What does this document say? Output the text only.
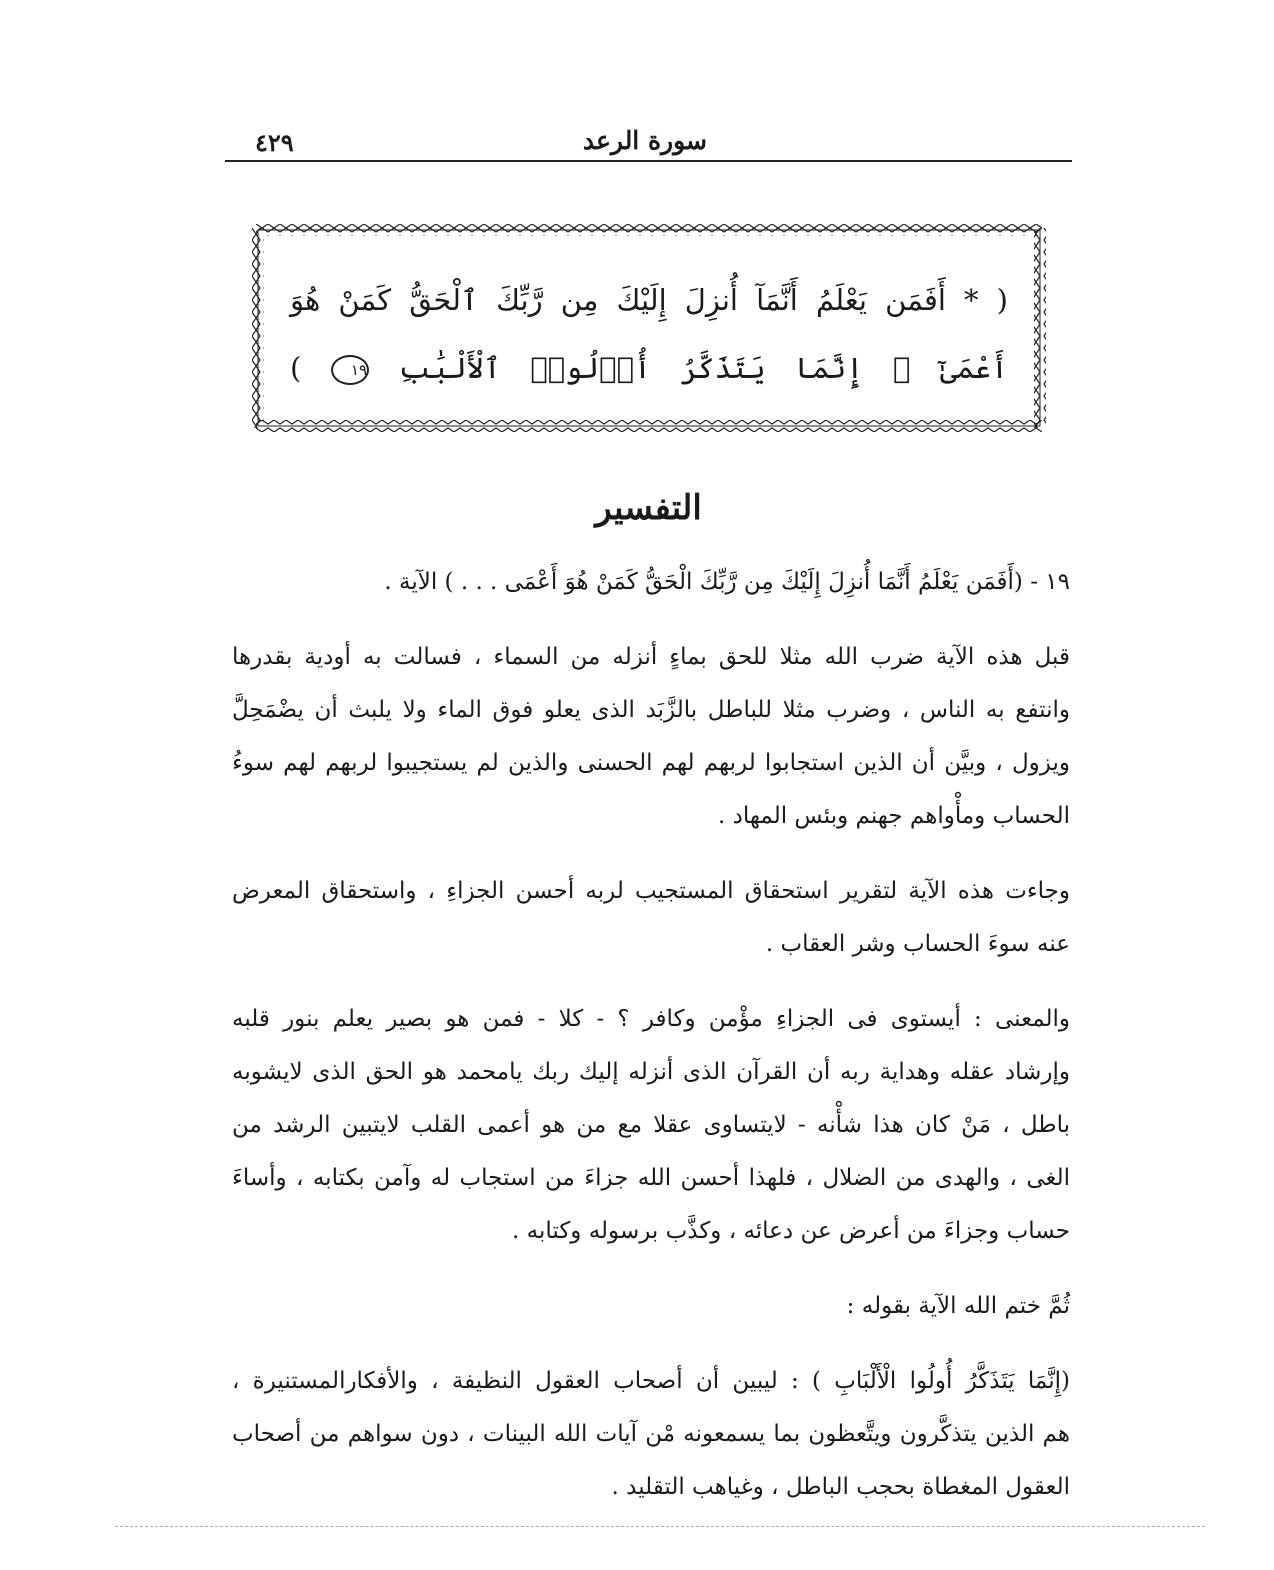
سورة الرعد
٤٢٩
( * أَفَمَن يَعْلَمُ أَنَّمَآ أُنزِلَ إِلَيْكَ مِن رَّبِّكَ ٱلْحَقُّ كَمَنْ هُوَ
أَعْمَىٰٓ ۚ إِنَّمَا يَتَذَكَّرُ أُو۟لُوا۟ ٱلْأَلْبَٰبِ ١٩ )
التفسير

١٩ - (أَفَمَن يَعْلَمُ أَنَّمَا أُنزِلَ إِلَيْكَ مِن رَّبِّكَ الْحَقُّ كَمَنْ هُوَ أَعْمَى . . . ) الآية .

قبل هذه الآية ضرب الله مثلا للحق بماءٍ أنزله من السماء ، فسالت به أودية بقدرها
وانتفع به الناس ، وضرب مثلا للباطل بالزَّبَد الذى يعلو فوق الماء ولا يلبث أن يضْمَحِلَّ
ويزول ، وبيَّن أن الذين استجابوا لربهم لهم الحسنى والذين لم يستجيبوا لربهم لهم سوءُ
الحساب ومأْواهم جهنم وبئس المهاد .

وجاءت هذه الآية لتقرير استحقاق المستجيب لربه أحسن الجزاءِ ، واستحقاق المعرض
عنه سوءَ الحساب وشر العقاب .

والمعنى : أيستوى فى الجزاءِ مؤْمن وكافر ؟ - كلا - فمن هو بصير يعلم بنور قلبه
وإرشاد عقله وهداية ربه أن القرآن الذى أنزله إليك ربك يامحمد هو الحق الذى لايشوبه
باطل ، مَنْ كان هذا شأْنه - لايتساوى عقلا مع من هو أعمى القلب لايتبين الرشد من
الغى ، والهدى من الضلال ، فلهذا أحسن الله جزاءَ من استجاب له وآمن بكتابه ، وأساءَ
حساب وجزاءَ من أعرض عن دعائه ، وكذَّب برسوله وكتابه .

ثُمَّ ختم الله الآية بقوله :

(إِنَّمَا يَتَذَكَّرُ أُولُوا الْأَلْبَابِ ) : ليبين أن أصحاب العقول النظيفة ، والأفكارالمستنيرة ،
هم الذين يتذكَّرون ويتَّعظون بما يسمعونه مْن آيات الله البينات ، دون سواهم من أصحاب
العقول المغطاة بحجب الباطل ، وغياهب التقليد .
